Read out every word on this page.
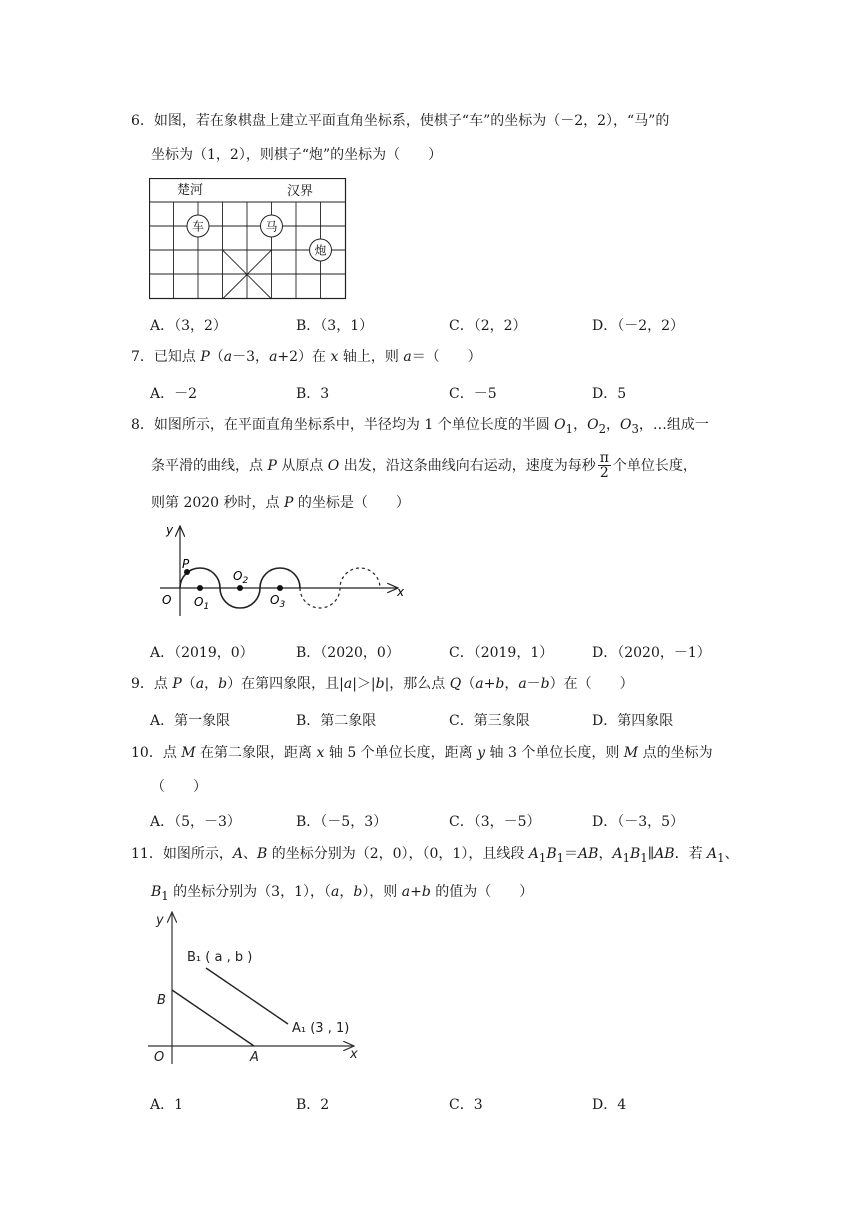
6．如图，若在象棋盘上建立平面直角坐标系，使棋子“车”的坐标为（－2，2），“马”的

坐标为（1，2），则棋子“炮”的坐标为（　　）

楚河	汉界
车	马
炮
A．（3，2）	B．（3，1）	C．（2，2）	D．（－2，2）

7．已知点 P（a－3，a+2）在 x 轴上，则 a＝（　　）

A．－2	B．3	C．－5	D．5

8．如图所示，在平面直角坐标系中，半径均为 1 个单位长度的半圆 $O_1$，$O_2$，$O_3$，…组成一

条平滑的曲线，点 P 从原点 O 出发，沿这条曲线向右运动，速度为每秒 $\frac{\pi}{2}$ 个单位长度，

则第 2020 秒时，点 P 的坐标是（　　）

y
x
P
O $O_1$
$O_2$
$O_3$
A．（2019，0）	B．（2020，0）	C．（2019，1）	D．（2020，－1）

9．点 P（a，b）在第四象限，且|a|＞|b|，那么点 Q（a+b，a－b）在（　　）

A．第一象限	B．第二象限	C．第三象限	D．第四象限

10．点 M 在第二象限，距离 x 轴 5 个单位长度，距离 y 轴 3 个单位长度，则 M 点的坐标为

（　　）

A．（5，－3）	B．（－5，3）	C．（3，－5）	D．（－3，5）

11．如图所示，A、B 的坐标分别为（2，0），（0，1），且线段 $A_1B_1=AB$，$A_1B_1\parallel AB$．若 $A_1$、

$B_1$ 的坐标分别为（3，1），（a，b），则 a+b 的值为（　　）

y
x
O	A
B
B₁ ( a , b )
A₁ (3 , 1)
A．1	B．2	C．3	D．4
